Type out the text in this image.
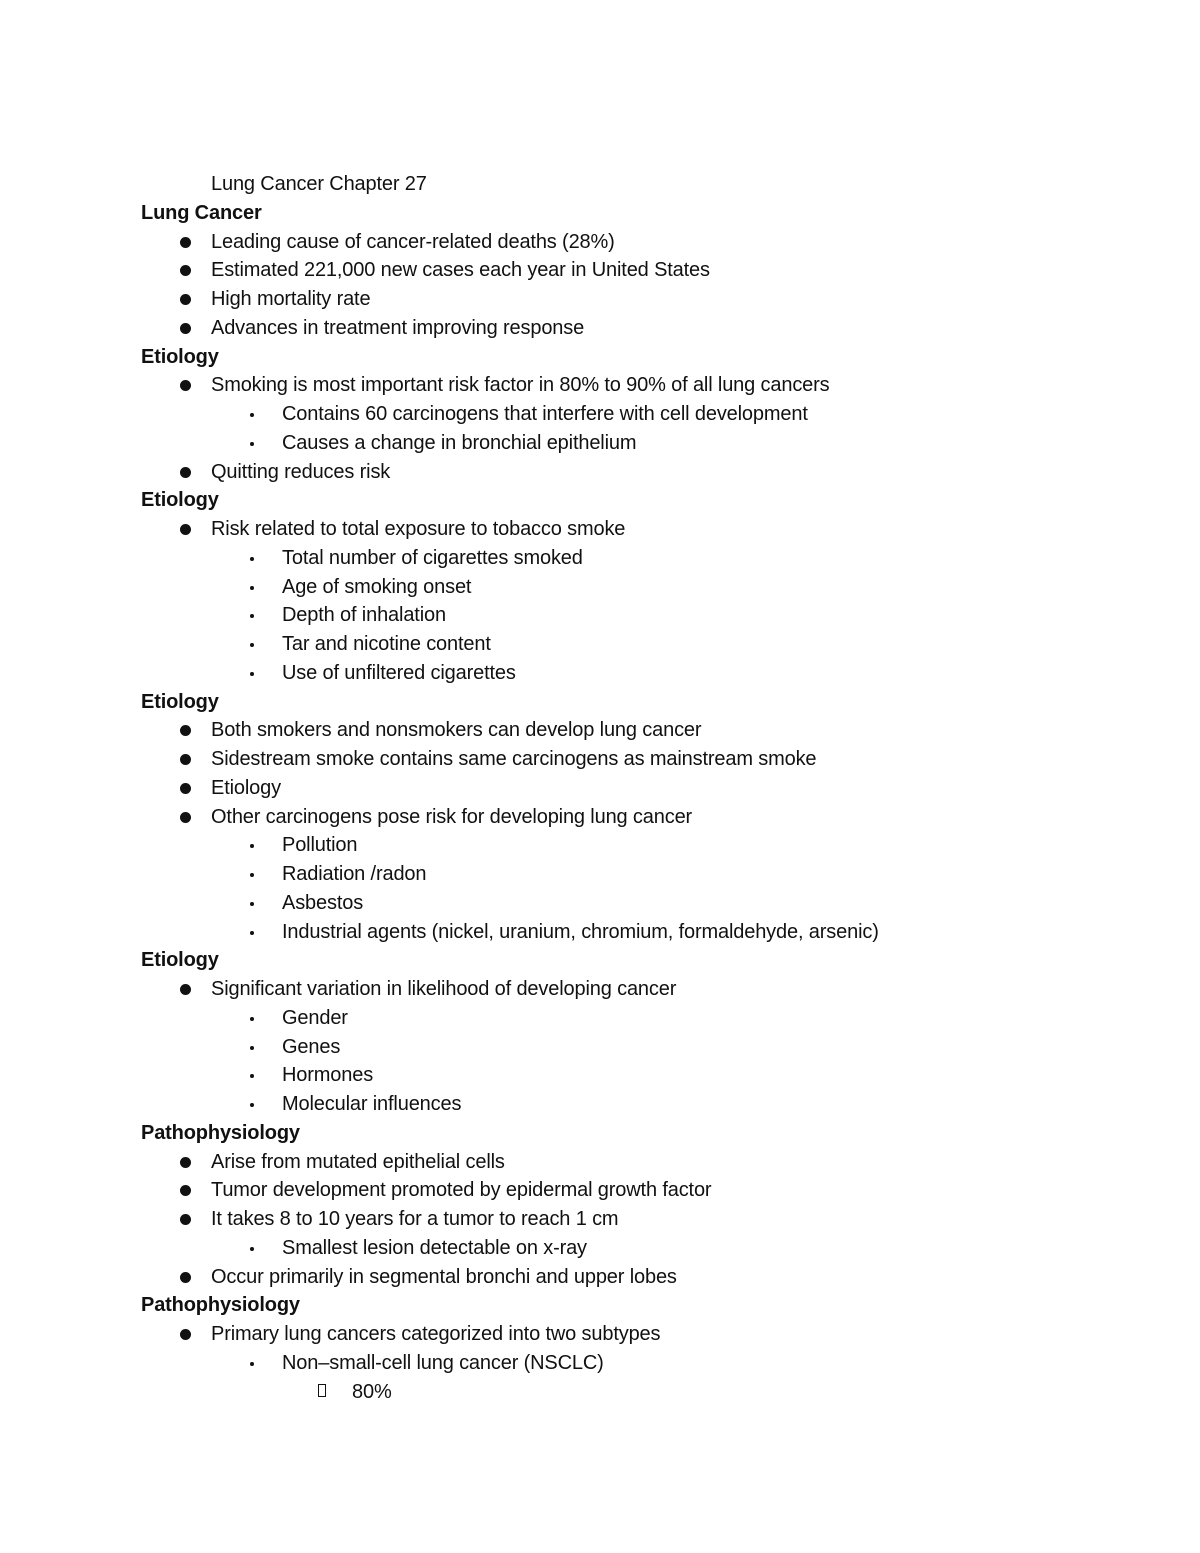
Lung Cancer Chapter 27
Lung Cancer
Leading cause of cancer-related deaths (28%)
Estimated 221,000 new cases each year in United States
High mortality rate
Advances in treatment improving response
Etiology
Smoking is most important risk factor in 80% to 90% of all lung cancers
Contains 60 carcinogens that interfere with cell development
Causes a change in bronchial epithelium
Quitting reduces risk
Etiology
Risk related to total exposure to tobacco smoke
Total number of cigarettes smoked
Age of smoking onset
Depth of inhalation
Tar and nicotine content
Use of unfiltered cigarettes
Etiology
Both smokers and nonsmokers can develop lung cancer
Sidestream smoke contains same carcinogens as mainstream smoke
Etiology
Other carcinogens pose risk for developing lung cancer
Pollution
Radiation /radon
Asbestos
Industrial agents (nickel, uranium, chromium, formaldehyde, arsenic)
Etiology
Significant variation in likelihood of developing cancer
Gender
Genes
Hormones
Molecular influences
Pathophysiology
Arise from mutated epithelial cells
Tumor development promoted by epidermal growth factor
It takes 8 to 10 years for a tumor to reach 1 cm
Smallest lesion detectable on x-ray
Occur primarily in segmental bronchi and upper lobes
Pathophysiology
Primary lung cancers categorized into two subtypes
Non–small-cell lung cancer (NSCLC)
80%
